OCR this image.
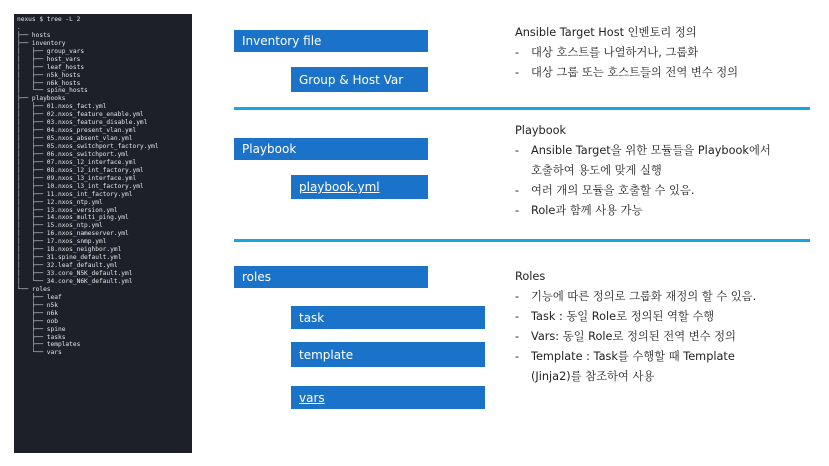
nexus $ tree -L 2
.
├── hosts
├── inventory
│   ├── group_vars
│   ├── host_vars
│   ├── leaf_hosts
│   ├── n5k_hosts
│   ├── n6k_hosts
│   └── spine_hosts
├── playbooks
│   ├── 01.nxos_fact.yml
│   ├── 02.nxos_feature_enable.yml
│   ├── 03.nxos_feature_disable.yml
│   ├── 04.nxos_present_vlan.yml
│   ├── 05.nxos_absent_vlan.yml
│   ├── 05.nxos_switchport_factory.yml
│   ├── 06.nxos_switchport.yml
│   ├── 07.nxos_l2_interface.yml
│   ├── 08.nxos_l2_int_factory.yml
│   ├── 09.nxos_l3_interface.yml
│   ├── 10.nxos_l3_int_factory.yml
│   ├── 11.nxos_int_factory.yml
│   ├── 12.nxos_ntp.yml
│   ├── 13.nxos_version.yml
│   ├── 14.nxos_multi_ping.yml
│   ├── 15.nxos_ntp.yml
│   ├── 16.nxos_nameserver.yml
│   ├── 17.nxos_snmp.yml
│   ├── 18.nxos_neighbor.yml
│   ├── 31.spine_default.yml
│   ├── 32.leaf_default.yml
│   ├── 33.core_N5K_default.yml
│   └── 34.core_N6K_default.yml
└── roles
├── leaf
├── n5k
├── n6k
├── oob
├── spine
├── tasks
├── templates
└── vars
Inventory file
Group & Host Var

Ansible Target Host 인벤토리 정의

- 대상 호스트를 나열하거나, 그룹화
- 대상 그룹 또는 호스트들의 전역 변수 정의
Playbook
playbook.yml

Playbook

- Ansible Target을 위한 모듈들을 Playbook에서
호출하여 용도에 맞게 실행
- 여러 개의 모듈을 호출할 수 있음.
- Role과 함께 사용 가능
roles
task
template
vars

Roles

- 기능에 따른 정의로 그룹화 재정의 할 수 있음.
- Task : 동일 Role로 정의된 역할 수행
- Vars: 동일 Role로 정의된 전역 변수 정의
- Template : Task를 수행할 때 Template
(Jinja2)를 참조하여 사용
